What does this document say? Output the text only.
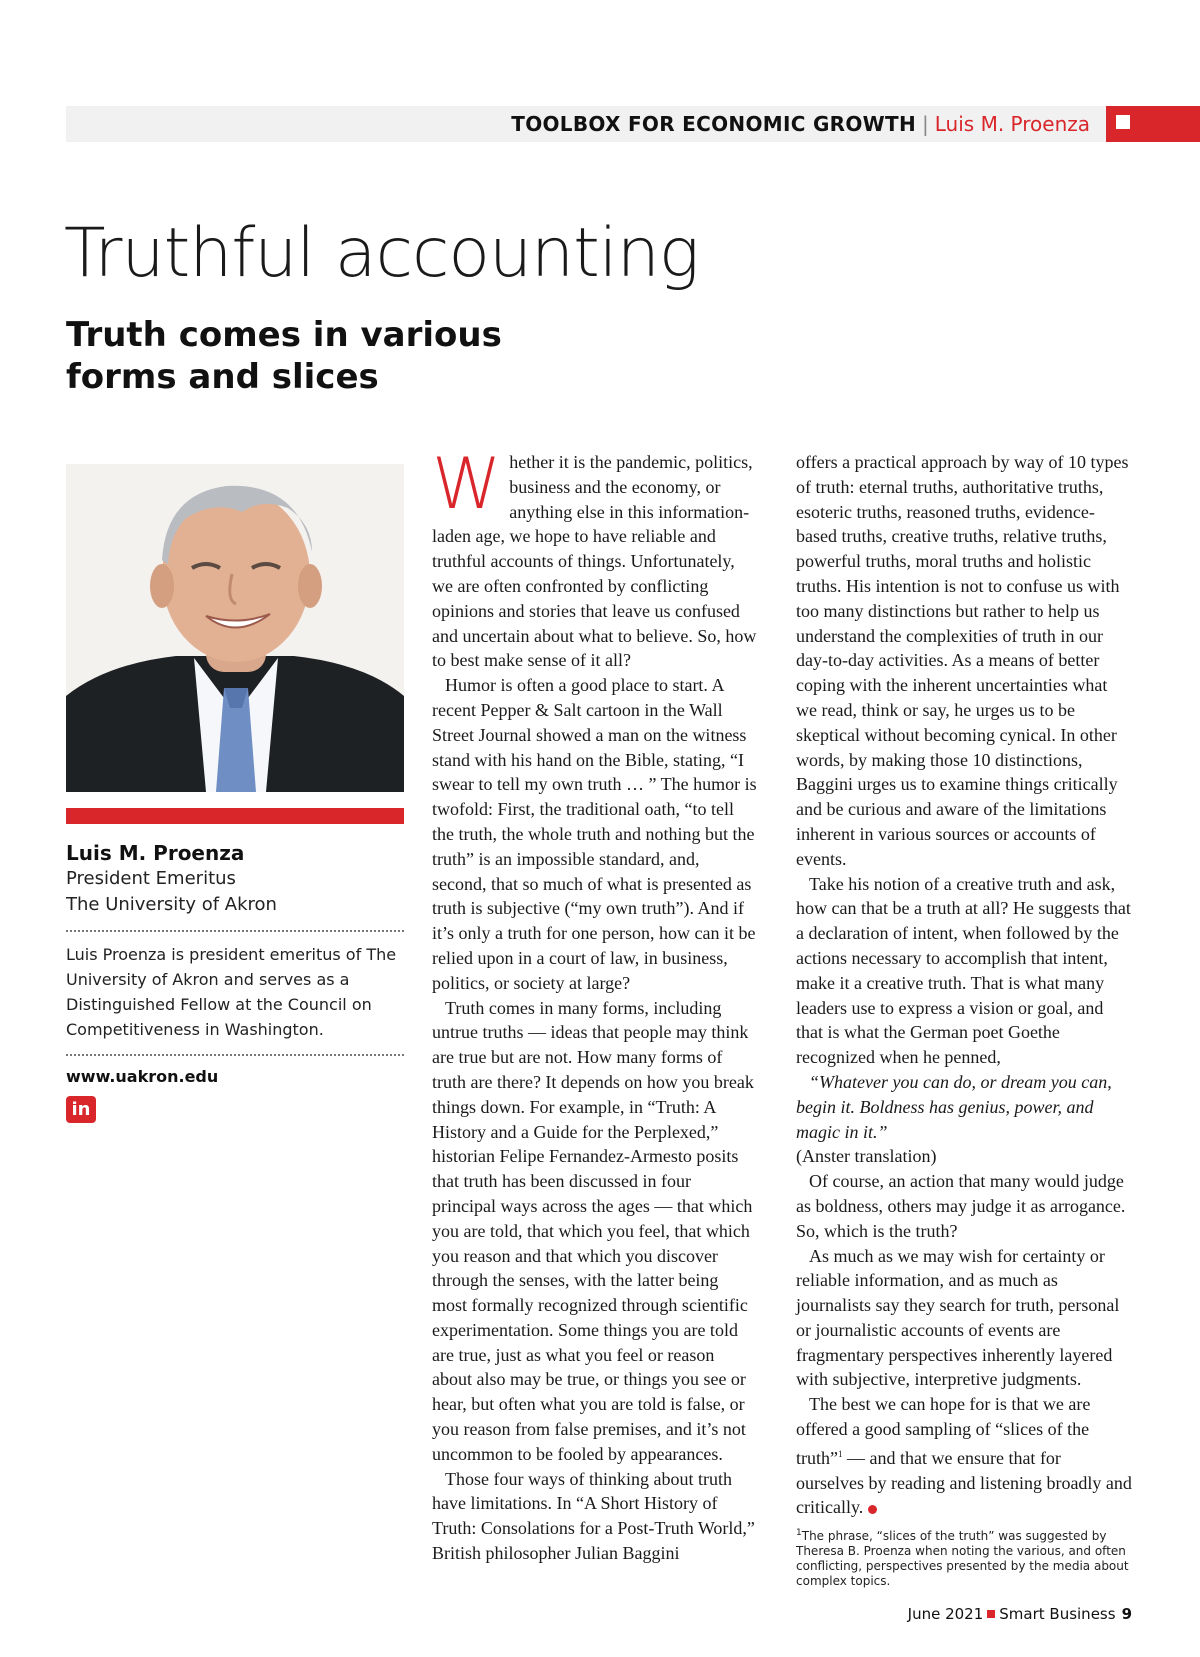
TOOLBOX FOR ECONOMIC GROWTH | Luis M. Proenza
Truthful accounting
Truth comes in various forms and slices
Luis M. Proenza
President Emeritus
The University of Akron
Luis Proenza is president emeritus of The University of Akron and serves as a Distinguished Fellow at the Council on Competitiveness in Washington.
www.uakron.edu
in

Whether it is the pandemic, politics, business and the economy, or anything else in this information-laden age, we hope to have reliable and truthful accounts of things. Unfortunately, we are often confronted by conflicting opinions and stories that leave us confused and uncertain about what to believe. So, how to best make sense of it all?

Humor is often a good place to start. A recent Pepper & Salt cartoon in the Wall Street Journal showed a man on the witness stand with his hand on the Bible, stating, “I swear to tell my own truth … ” The humor is twofold: First, the traditional oath, “to tell the truth, the whole truth and nothing but the truth” is an impossible standard, and, second, that so much of what is presented as truth is subjective (“my own truth”). And if it’s only a truth for one person, how can it be relied upon in a court of law, in business, politics, or society at large?

Truth comes in many forms, including untrue truths — ideas that people may think are true but are not. How many forms of truth are there? It depends on how you break things down. For example, in “Truth: A History and a Guide for the Perplexed,” historian Felipe Fernandez-Armesto posits that truth has been discussed in four principal ways across the ages — that which you are told, that which you feel, that which you reason and that which you discover through the senses, with the latter being most formally recognized through scientific experimentation. Some things you are told are true, just as what you feel or reason about also may be true, or things you see or hear, but often what you are told is false, or you reason from false premises, and it’s not uncommon to be fooled by appearances.

Those four ways of thinking about truth have limitations. In “A Short History of Truth: Consolations for a Post-Truth World,” British philosopher Julian Baggini

offers a practical approach by way of 10 types of truth: eternal truths, authoritative truths, esoteric truths, reasoned truths, evidence-based truths, creative truths, relative truths, powerful truths, moral truths and holistic truths. His intention is not to confuse us with too many distinctions but rather to help us understand the complexities of truth in our day-to-day activities. As a means of better coping with the inherent uncertainties what we read, think or say, he urges us to be skeptical without becoming cynical. In other words, by making those 10 distinctions, Baggini urges us to examine things critically and be curious and aware of the limitations inherent in various sources or accounts of events.

Take his notion of a creative truth and ask, how can that be a truth at all? He suggests that a declaration of intent, when followed by the actions necessary to accomplish that intent, make it a creative truth. That is what many leaders use to express a vision or goal, and that is what the German poet Goethe recognized when he penned,

“Whatever you can do, or dream you can, begin it. Boldness has genius, power, and magic in it.”

(Anster translation)

Of course, an action that many would judge as boldness, others may judge it as arrogance. So, which is the truth?

As much as we may wish for certainty or reliable information, and as much as journalists say they search for truth, personal or journalistic accounts of events are fragmentary perspectives inherently layered with subjective, interpretive judgments.

The best we can hope for is that we are offered a good sampling of “slices of the truth”$^1$ — and that we ensure that for ourselves by reading and listening broadly and critically.

$^1$The phrase, “slices of the truth” was suggested by Theresa B. Proenza when noting the various, and often conflicting, perspectives presented by the media about complex topics.
June 2021 Smart Business 9
